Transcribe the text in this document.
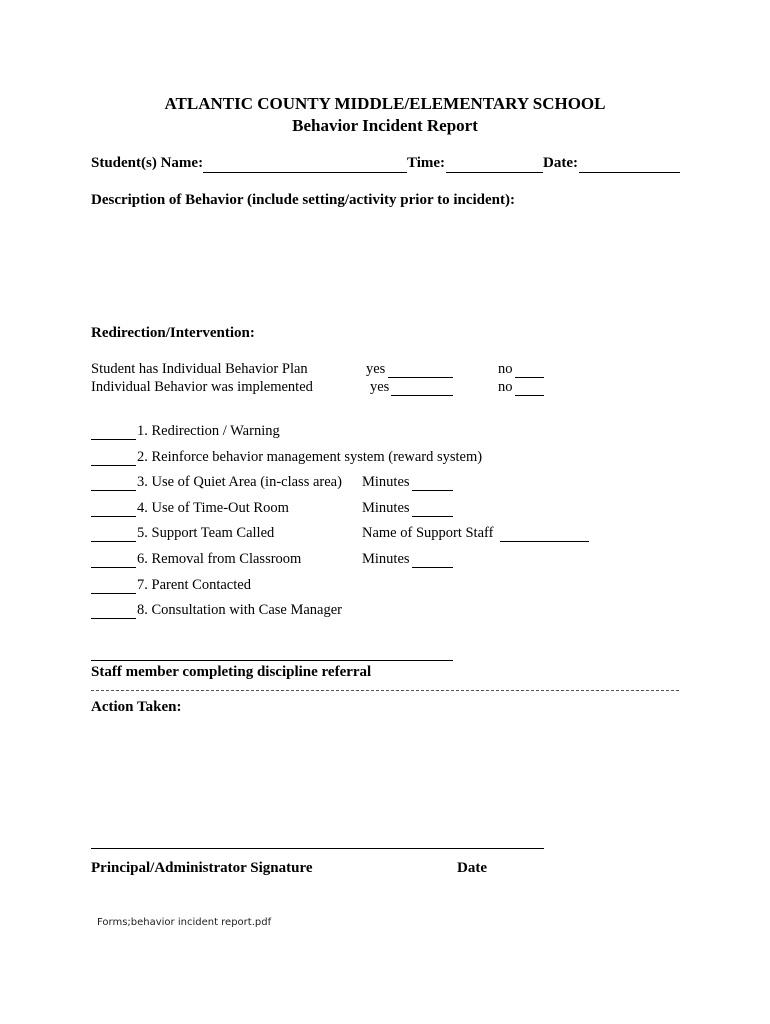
ATLANTIC COUNTY MIDDLE/ELEMENTARY SCHOOL
Behavior Incident Report
Student(s) Name:	Time:	Date:
Description of Behavior (include setting/activity prior to incident):
Redirection/Intervention:
Student has Individual Behavior Plan	yes	no
Individual Behavior was implemented	yes	no
1. Redirection / Warning
2. Reinforce behavior management system (reward system)
3. Use of Quiet Area (in-class area) Minutes
4. Use of Time-Out Room	Minutes
5. Support Team Called	Name of Support Staff
6. Removal from Classroom	Minutes
7. Parent Contacted
8. Consultation with Case Manager
Staff member completing discipline referral
Action Taken:
Principal/Administrator Signature	Date
Forms;behavior incident report.pdf
